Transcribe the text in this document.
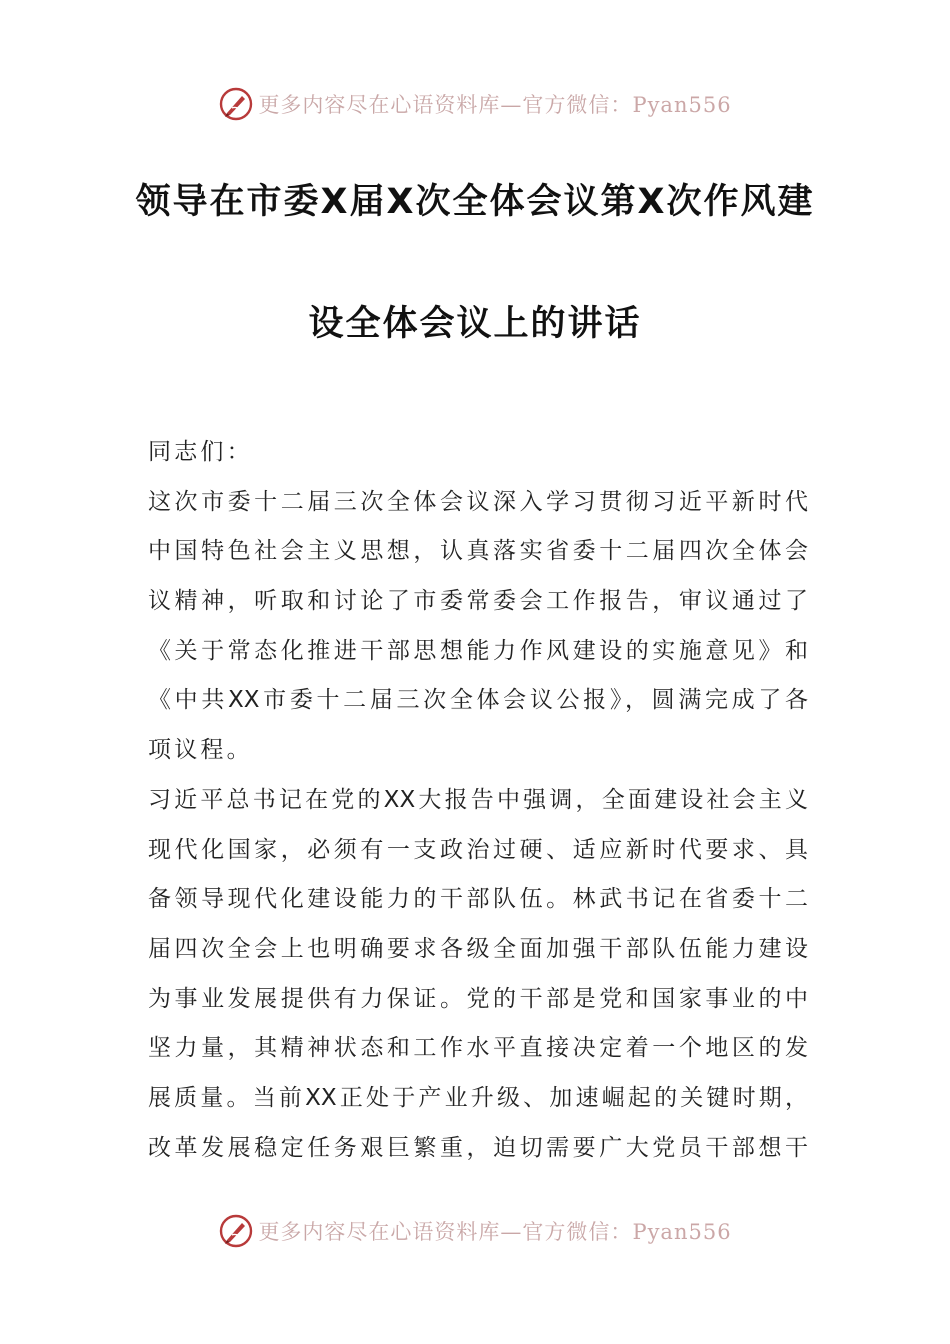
更多内容尽在心语资料库—官方微信：Pyan556
领导在市委X届X次全体会议第X次作风建
设全体会议上的讲话
同志们：
这次市委十二届三次全体会议深入学习贯彻习近平新时代
中国特色社会主义思想，认真落实省委十二届四次全体会
议精神，听取和讨论了市委常委会工作报告，审议通过了
《关于常态化推进干部思想能力作风建设的实施意见》和
《中共XX市委十二届三次全体会议公报》，圆满完成了各
项议程。
习近平总书记在党的XX大报告中强调，全面建设社会主义
现代化国家，必须有一支政治过硬、适应新时代要求、具
备领导现代化建设能力的干部队伍。林武书记在省委十二
届四次全会上也明确要求各级全面加强干部队伍能力建设
为事业发展提供有力保证。党的干部是党和国家事业的中
坚力量，其精神状态和工作水平直接决定着一个地区的发
展质量。当前XX正处于产业升级、加速崛起的关键时期，
改革发展稳定任务艰巨繁重，迫切需要广大党员干部想干
更多内容尽在心语资料库—官方微信：Pyan556
